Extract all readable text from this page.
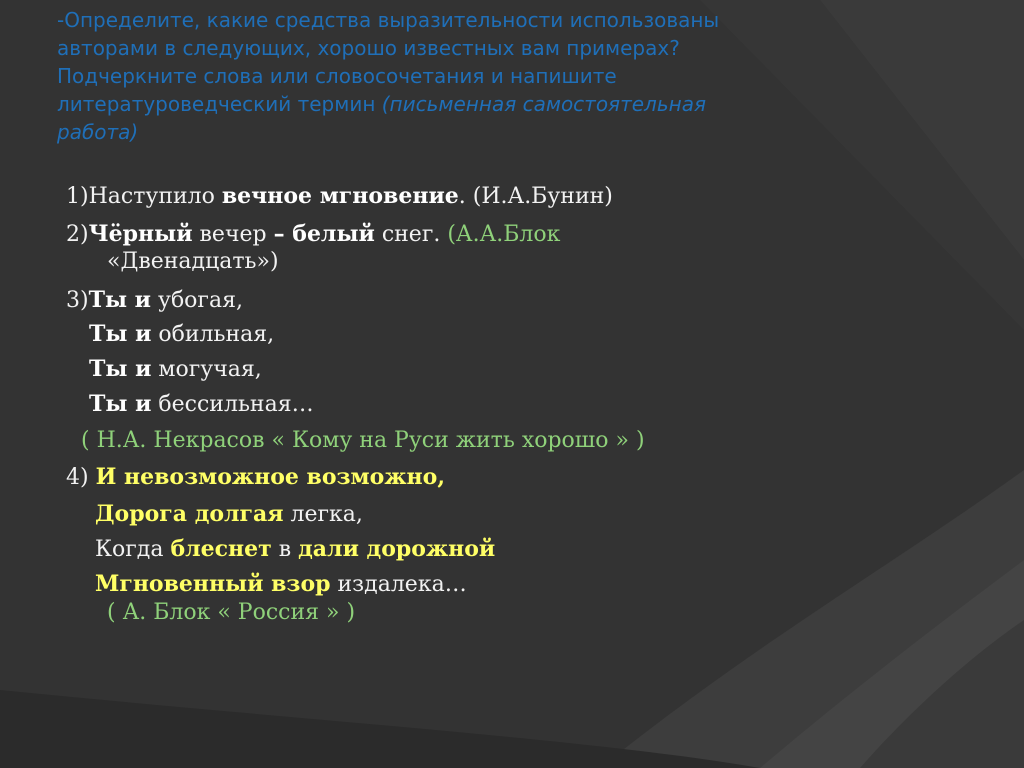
-Определите, какие средства выразительности использованы
авторами в следующих, хорошо известных вам примерах?
Подчеркните слова или словосочетания и напишите
литературоведческий термин (письменная самостоятельная
работа)
1)Наступило вечное мгновение. (И.А.Бунин)
2)Чёрный вечер – белый снег. (А.А.Блок
«Двенадцать»)
3)Ты и убогая,
Ты и обильная,
Ты и могучая,
Ты и бессильная…
( Н.А. Некрасов « Кому на Руси жить хорошо » )
4) И невозможное возможно,
Дорога долгая легка,
Когда блеснет в дали дорожной
Мгновенный взор издалека…
( А. Блок « Россия » )
